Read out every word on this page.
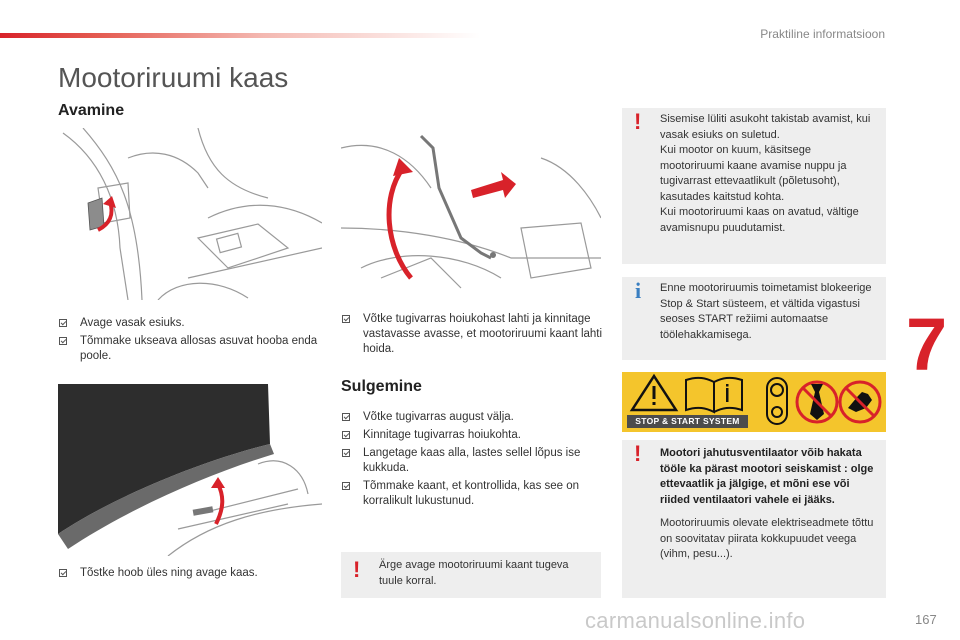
Praktiline informatsioon
Mootoriruumi kaas
Avamine
Avage vasak esiuks.
Tõmmake ukseava allosas asuvat hooba enda poole.
Tõstke hoob üles ning avage kaas.
Võtke tugivarras hoiukohast lahti ja kinnitage vastavasse avasse, et mootoriruumi kaant lahti hoida.
Sulgemine
Võtke tugivarras august välja.
Kinnitage tugivarras hoiukohta.
Langetage kaas alla, lastes sellel lõpus ise kukkuda.
Tõmmake kaant, et kontrollida, kas see on korralikult lukustunud.
! Ärge avage mootoriruumi kaant tugeva tuule korral.

! Sisemise lüliti asukoht takistab avamist, kui vasak esiuks on suletud.

Kui mootor on kuum, käsitsege mootoriruumi kaane avamise nuppu ja tugivarrast ettevaatlikult (põletusoht), kasutades kaitstud kohta.

Kui mootoriruumi kaas on avatud, vältige avamisnupu puudutamist.

i Enne mootoriruumis toimetamist blokeerige Stop & Start süsteem, et vältida vigastusi seoses START režiimi automaatse töölehakkamisega.

STOP & START SYSTEM
! Mootori jahutusventilaator võib hakata tööle ka pärast mootori seiskamist : olge ettevaatlik ja jälgige, et mõni ese või riided ventilaatori vahele ei jääks.

Mootoriruumis olevate elektriseadmete tõttu on soovitatav piirata kokkupuudet veega (vihm, pesu...).

7
carmanualsonline.info	167
